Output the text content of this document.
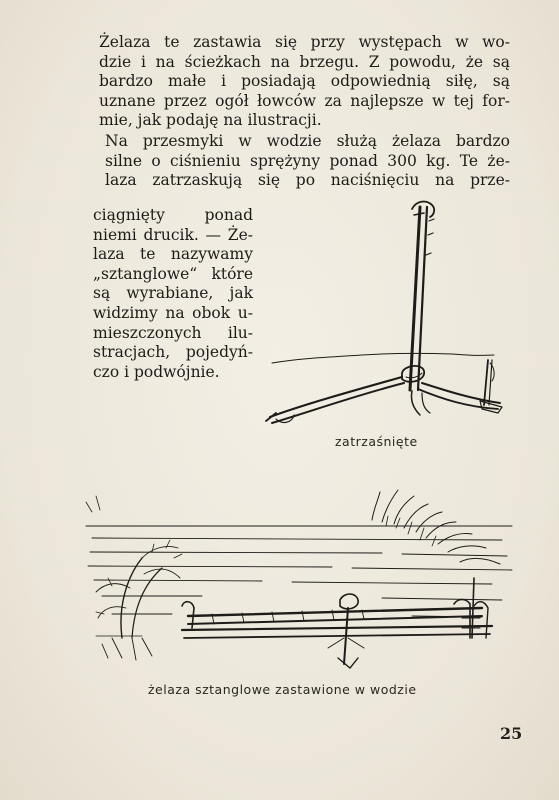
Żelaza te zastawia się przy występach w wo-
dzie i na ścieżkach na brzegu. Z powodu, że są
bardzo małe i posiadają odpowiednią siłę, są
uznane przez ogół łowców za najlepsze w tej for-
mie, jak podaję na ilustracji.

Na przesmyki w wodzie służą żelaza bardzo
silne o ciśnieniu sprężyny ponad 300 kg. Te że-
laza zatrzaskują się po naciśnięciu na prze-

ciągnięty ponad
niemi drucik. — Że-
laza te nazywamy
„sztanglowe“ które
są wyrabiane, jak
widzimy na obok u-
mieszczonych ilu-
stracjach, pojedyń-
czo i podwójnie.

zatrzaśnięte
żelaza sztanglowe zastawione w wodzie
25
